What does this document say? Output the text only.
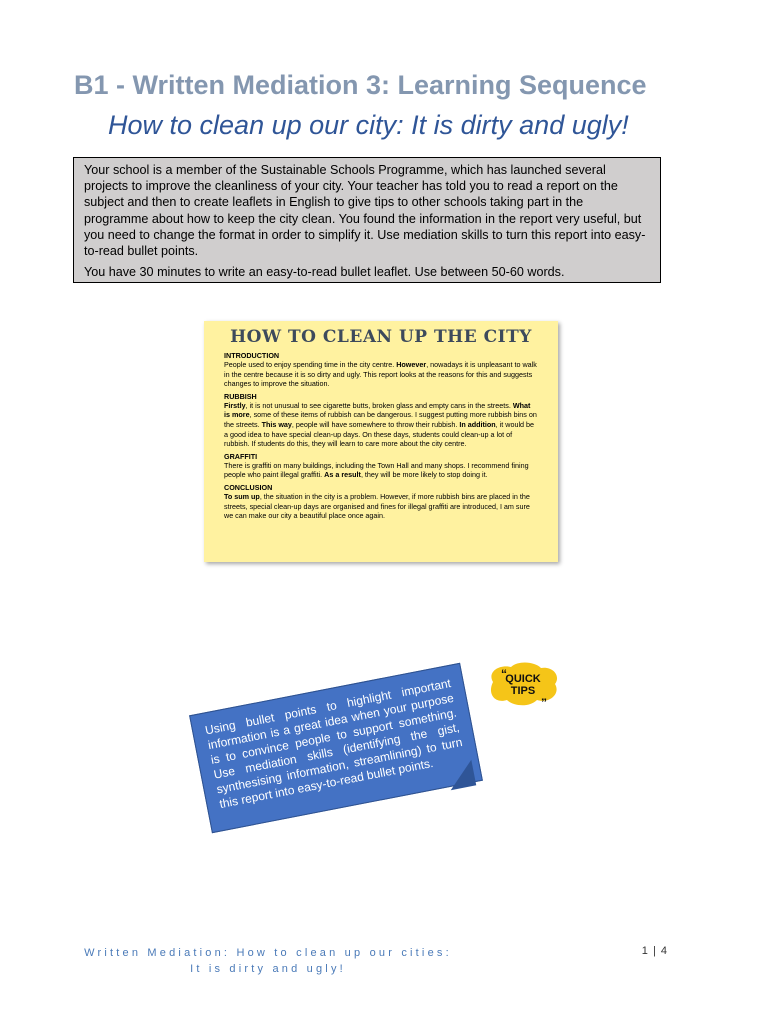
B1 - Written Mediation 3: Learning Sequence
How to clean up our city: It is dirty and ugly!

Your school is a member of the Sustainable Schools Programme, which has launched several projects to improve the cleanliness of your city. Your teacher has told you to read a report on the subject and then to create leaflets in English to give tips to other schools taking part in the programme about how to keep the city clean. You found the information in the report very useful, but you need to change the format in order to simplify it. Use mediation skills to turn this report into easy-to-read bullet points.

You have 30 minutes to write an easy-to-read bullet leaflet. Use between 50-60 words.

HOW TO CLEAN UP THE CITY
INTRODUCTION

People used to enjoy spending time in the city centre. However, nowadays it is unpleasant to walk in the centre because it is so dirty and ugly. This report looks at the reasons for this and suggests changes to improve the situation.

RUBBISH

Firstly, it is not unusual to see cigarette butts, broken glass and empty cans in the streets. What is more, some of these items of rubbish can be dangerous. I suggest putting more rubbish bins on the streets. This way, people will have somewhere to throw their rubbish. In addition, it would be a good idea to have special clean-up days. On these days, students could clean-up a lot of rubbish. If students do this, they will learn to care more about the city centre.

GRAFFITI

There is graffiti on many buildings, including the Town Hall and many shops. I recommend fining people who paint illegal graffiti. As a result, they will be more likely to stop doing it.

CONCLUSION

To sum up, the situation in the city is a problem. However, if more rubbish bins are placed in the streets, special clean-up days are organised and fines for illegal graffiti are introduced, I am sure we can make our city a beautiful place once again.

QUICK
TIPS
“
„
Using bullet points to highlight important information is a great idea when your purpose is to convince people to support something. Use mediation skills (identifying the gist, synthesising information, streamlining) to turn this report into easy-to-read bullet points.
Written Mediation: How to clean up our cities:
It is dirty and ugly!
1 | 4
